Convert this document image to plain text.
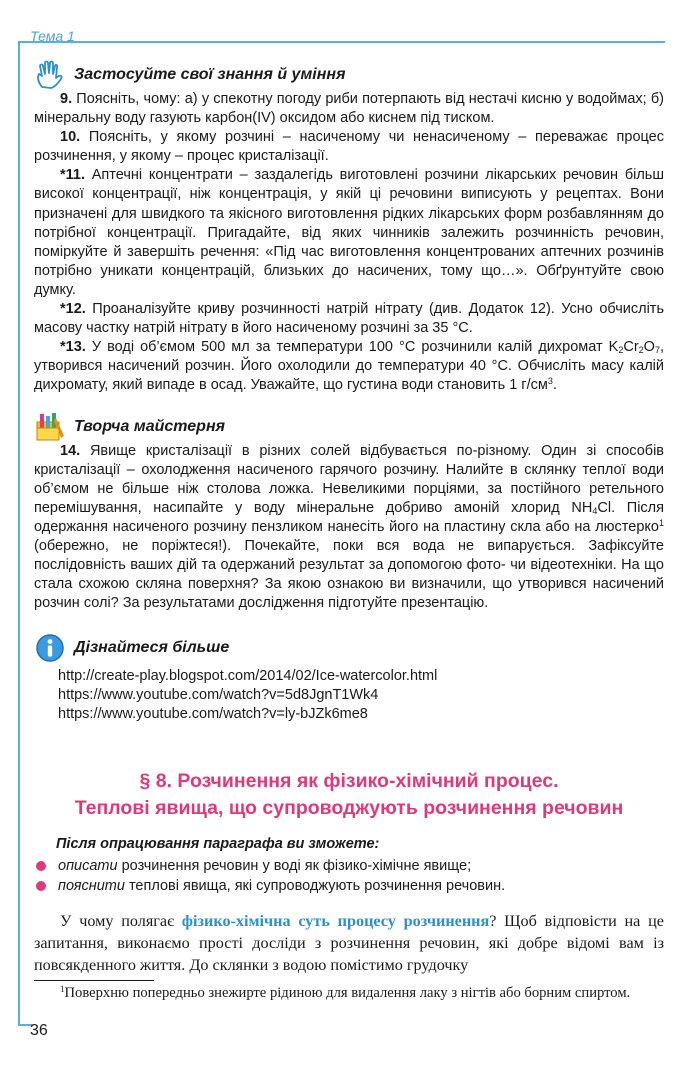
Тема 1
Застосуйте свої знання й уміння

9. Поясніть, чому: а) у спекотну погоду риби потерпають від нестачі кисню у водоймах; б) мінеральну воду газують карбон(IV) оксидом або киснем під тиском.

10. Поясніть, у якому розчині – насиченому чи ненасиченому – переважає процес розчинення, у якому – процес кристалізації.

*11. Аптечні концентрати – заздалегідь виготовлені розчини лікарських речовин більш високої концентрації, ніж концентрація, у якій ці речовини виписують у рецептах. Вони призначені для швидкого та якісного виготовлення рідких лікарських форм розбавлянням до потрібної концентрації. Пригадайте, від яких чинників залежить розчинність речовин, поміркуйте й завершіть речення: «Під час виготовлення концентрованих аптечних розчинів потрібно уникати концентрацій, близьких до насичених, тому що…». Обґрунтуйте свою думку.

*12. Проаналізуйте криву розчинності натрій нітрату (див. Додаток 12). Усно обчисліть масову частку натрій нітрату в його насиченому розчині за 35 °С.

*13. У воді об’ємом 500 мл за температури 100 °С розчинили калій дихромат $K_2Cr_2O_7$, утворився насичений розчин. Його охолодили до температури 40 °С. Обчисліть масу калій дихромату, який випаде в осад. Уважайте, що густина води становить 1 $г/см^3$.

Творча майстерня

14. Явище кристалізації в різних солей відбувається по-різному. Один зі способів кристалізації – охолодження насиченого гарячого розчину. Налийте в склянку теплої води об’ємом не більше ніж столова ложка. Невеликими порціями, за постійного ретельного перемішування, насипайте у воду мінеральне добриво амоній хлорид $NH_4Cl$. Після одержання насиченого розчину пензликом нанесіть його на пластину скла або на люстерко$^1$ (обережно, не поріжтеся!). Почекайте, поки вся вода не випарується. Зафіксуйте послідовність ваших дій та одержаний результат за допомогою фото- чи відеотехніки. На що стала схожою скляна поверхня? За якою ознакою ви визначили, що утворився насичений розчин солі? За результатами дослідження підготуйте презентацію.

Дізнайтеся більше
http://create-play.blogspot.com/2014/02/Ice-watercolor.html
https://www.youtube.com/watch?v=5d8JgnT1Wk4
https://www.youtube.com/watch?v=ly-bJZk6me8
§ 8. Розчинення як фізико-хімічний процес.
Теплові явища, що супроводжують розчинення речовин
Після опрацювання параграфа ви зможете:
описати розчинення речовин у воді як фізико-хімічне явище;
пояснити теплові явища, які супроводжують розчинення речовин.

У чому полягає фізико-хімічна суть процесу розчинення? Щоб відповісти на це запитання, виконаємо прості досліди з розчинення речовин, які добре відомі вам із повсякденного життя. До склянки з водою помістимо грудочку

$^1$Поверхню попередньо знежирте рідиною для видалення лаку з нігтів або борним спиртом.

36
